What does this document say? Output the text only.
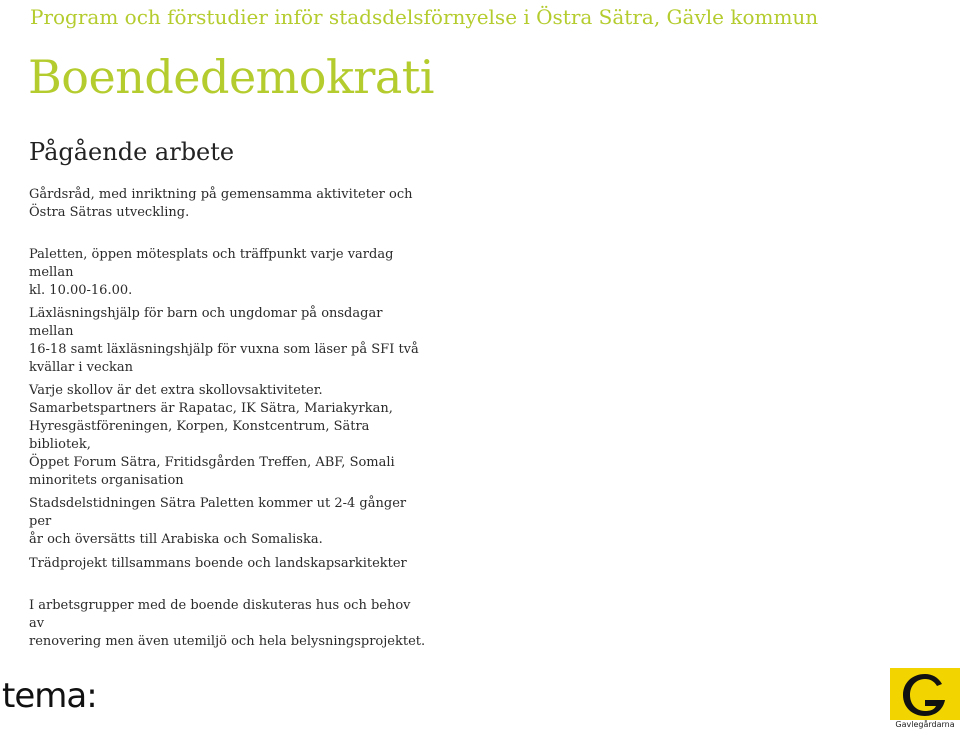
Program och förstudier inför stadsdelsförnyelse i Östra Sätra, Gävle kommun
Boendedemokrati
Pågående arbete
Gårdsråd, med inriktning på gemensamma aktiviteter och
Östra Sätras utveckling.
Paletten, öppen mötesplats och träffpunkt varje vardag mellan
kl. 10.00-16.00.
Läxläsningshjälp för barn och ungdomar på onsdagar mellan
16-18 samt läxläsningshjälp för vuxna som läser på SFI två
kvällar i veckan
Varje skollov är det extra skollovsaktiviteter.
Samarbetspartners är Rapatac, IK Sätra, Mariakyrkan,
Hyresgästföreningen, Korpen, Konstcentrum, Sätra bibliotek,
Öppet Forum Sätra, Fritidsgården Treffen, ABF, Somali
minoritets organisation
Stadsdelstidningen Sätra Paletten kommer ut 2-4 gånger per
år och översätts till Arabiska och Somaliska.
Trädprojekt tillsammans boende och landskapsarkitekter
I arbetsgrupper med de boende diskuteras hus och behov av
renovering men även utemiljö och hela belysningsprojektet.
tema:
Gavlegårdarna
